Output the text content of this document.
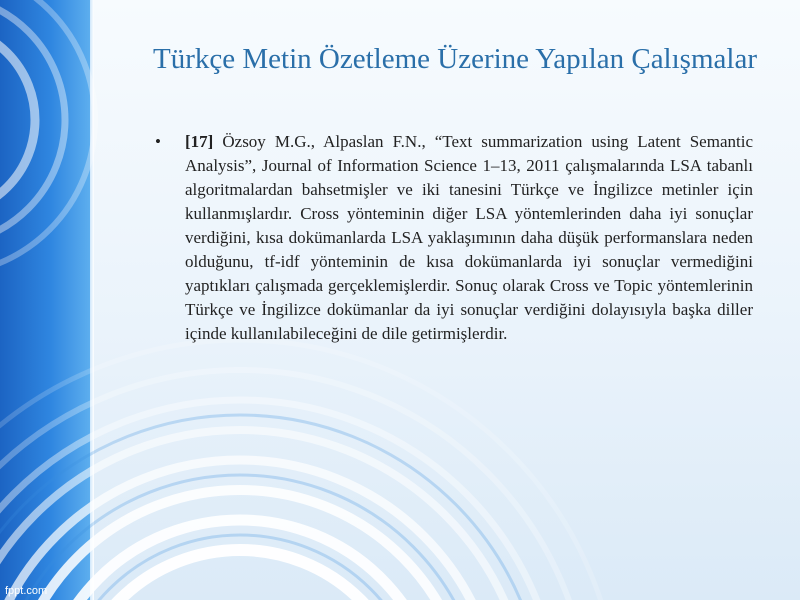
Türkçe Metin Özetleme Üzerine Yapılan Çalışmalar
• [17] Özsoy M.G., Alpaslan F.N., “Text summarization using Latent Semantic Analysis”, Journal of Information Science 1–13, 2011 çalışmalarında LSA tabanlı algoritmalardan bahsetmişler ve iki tanesini Türkçe ve İngilizce metinler için kullanmışlardır. Cross yönteminin diğer LSA yöntemlerinden daha iyi sonuçlar verdiğini, kısa dokümanlarda LSA yaklaşımının daha düşük performanslara neden olduğunu, tf-idf yönteminin de kısa dokümanlarda iyi sonuçlar vermediğini yaptıkları çalışmada gerçeklemişlerdir. Sonuç olarak Cross ve Topic yöntemlerinin Türkçe ve İngilizce dokümanlar da iyi sonuçlar verdiğini dolayısıyla başka diller içinde kullanılabileceğini de dile getirmişlerdir.

fppt.com
